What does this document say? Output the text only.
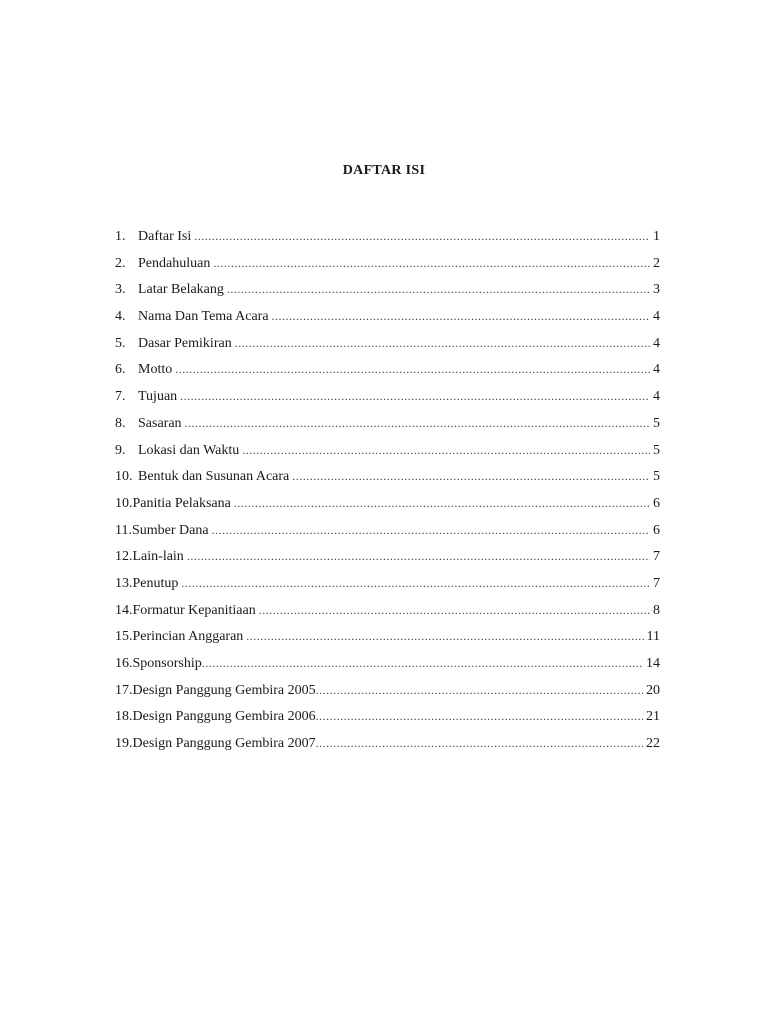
DAFTAR ISI
1. Daftar Isi .....	1
2. Pendahuluan .....	2
3. Latar Belakang .....	3
4. Nama Dan Tema Acara .....	4
5. Dasar Pemikiran .....	4
6. Motto .....	4
7. Tujuan .....	4
8. Sasaran .....	5
9. Lokasi dan Waktu .....	5
10. Bentuk dan Susunan Acara .....	5
10. Panitia Pelaksana .....	6
11. Sumber Dana .....	6
12. Lain-lain .....	7
13. Penutup .....	7
14. Formatur Kepanitiaan .....	8
15. Perincian Anggaran .....	11
16. Sponsorship .....	14
17. Design Panggung Gembira 2005 .....	20
18. Design Panggung Gembira 2006 .....	21
19. Design Panggung Gembira 2007 .....	22
